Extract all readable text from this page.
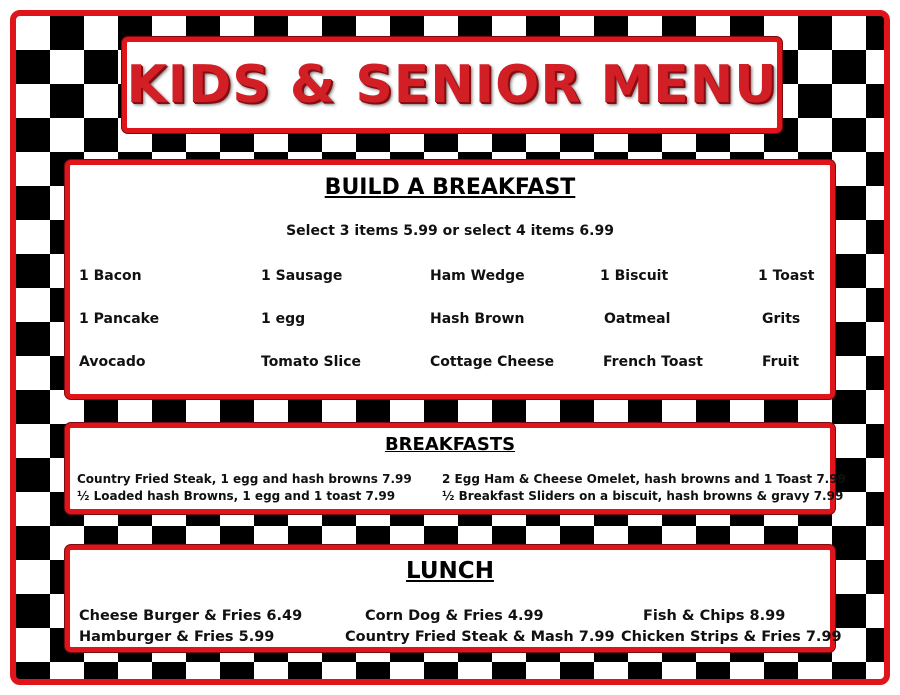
KIDS & SENIOR MENU
BUILD A BREAKFAST
Select 3 items 5.99 or select 4 items 6.99
1 Bacon	1 Sausage	Ham Wedge	1 Biscuit	1 Toast
1 Pancake	1 egg	Hash Brown	Oatmeal	Grits
Avocado	Tomato Slice	Cottage Cheese	French Toast	Fruit
BREAKFASTS
Country Fried Steak, 1 egg and hash browns 7.99	2 Egg Ham & Cheese Omelet, hash browns and 1 Toast 7.99
½ Loaded hash Browns, 1 egg and 1 toast 7.99	½ Breakfast Sliders on a biscuit, hash browns & gravy 7.99
LUNCH
Cheese Burger & Fries 6.49	Corn Dog & Fries 4.99	Fish & Chips 8.99
Hamburger & Fries 5.99	Country Fried Steak & Mash 7.99 Chicken Strips & Fries 7.99
